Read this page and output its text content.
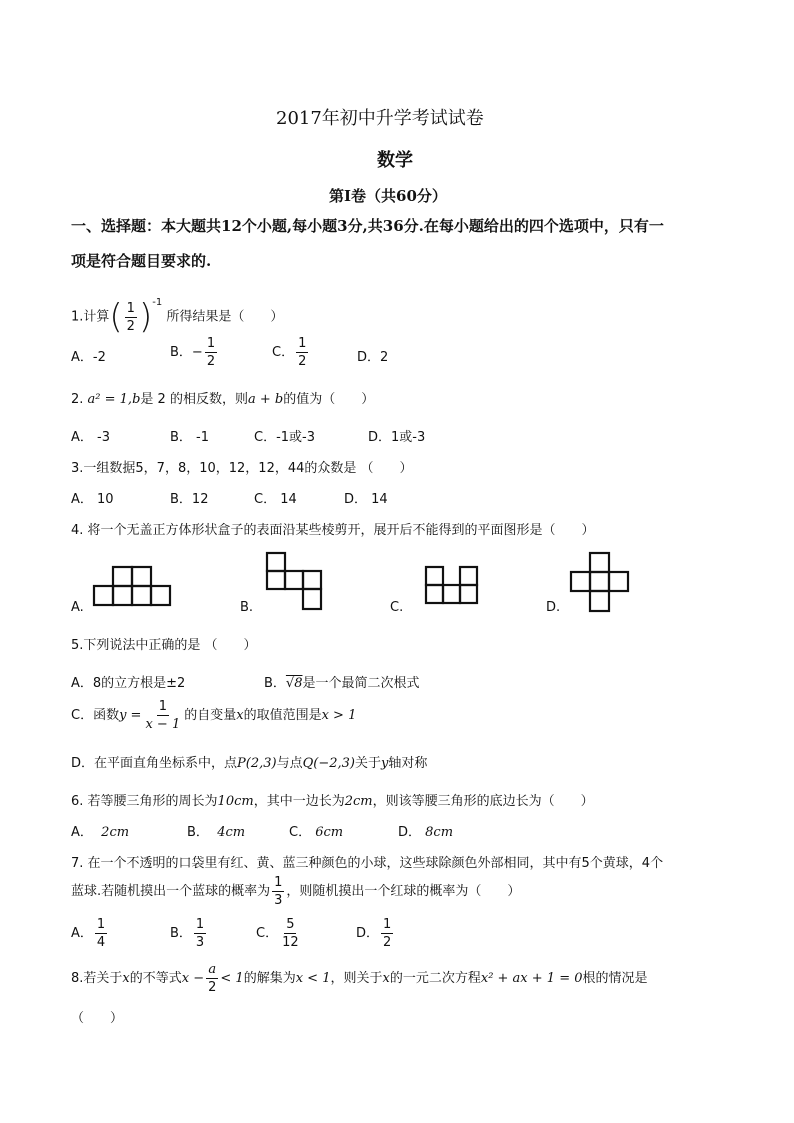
2017年初中升学考试试卷
数学
第I卷（共60分）
一、选择题：本大题共12个小题,每小题3分,共36分.在每小题给出的四个选项中，只有一
项是符合题目要求的.
1.计算( $\frac{1}{2} )^{-1}$ 所得结果是（　　）
A．-2	B．− $\frac{1}{2}$	C． $\frac{1}{2}$	D．2
2. a² = 1,b是 2 的相反数，则a + b的值为（　　）
A． -3	B． -1	C．-1或-3	D．1或-3
3.一组数据5，7，8，10，12，12，44的众数是 （　　）
A． 10	B．12	C． 14	D． 14
4. 将一个无盖正方体形状盒子的表面沿某些棱剪开，展开后不能得到的平面图形是（　　）
A.	B.	C.	D.
5.下列说法中正确的是 （　　）
A．8的立方根是±2	B．√8是一个最简二次根式
C．函数$y = \frac{1}{x - 1}$ 的自变量x的取值范围是x > 1
D．在平面直角坐标系中，点P(2,3)与点Q(−2,3)关于y轴对称
6. 若等腰三角形的周长为10cm，其中一边长为2cm，则该等腰三角形的底边长为（　　）
A． 2cm	B． 4cm	C． 6cm	D． 8cm
7. 在一个不透明的口袋里有红、黄、蓝三种颜色的小球，这些球除颜色外部相同，其中有5个黄球，4个
蓝球.若随机摸出一个蓝球的概率为 $\frac{1}{3}$ ，则随机摸出一个红球的概率为（　　）
A． $\frac{1}{4}$	B． $\frac{1}{3}$	C． $\frac{5}{12}$	D． $\frac{1}{2}$
8.若关于x的不等式$x - \frac{a}{2} < 1$的解集为x < 1，则关于x的一元二次方程x² + ax + 1 = 0根的情况是
（　　）
